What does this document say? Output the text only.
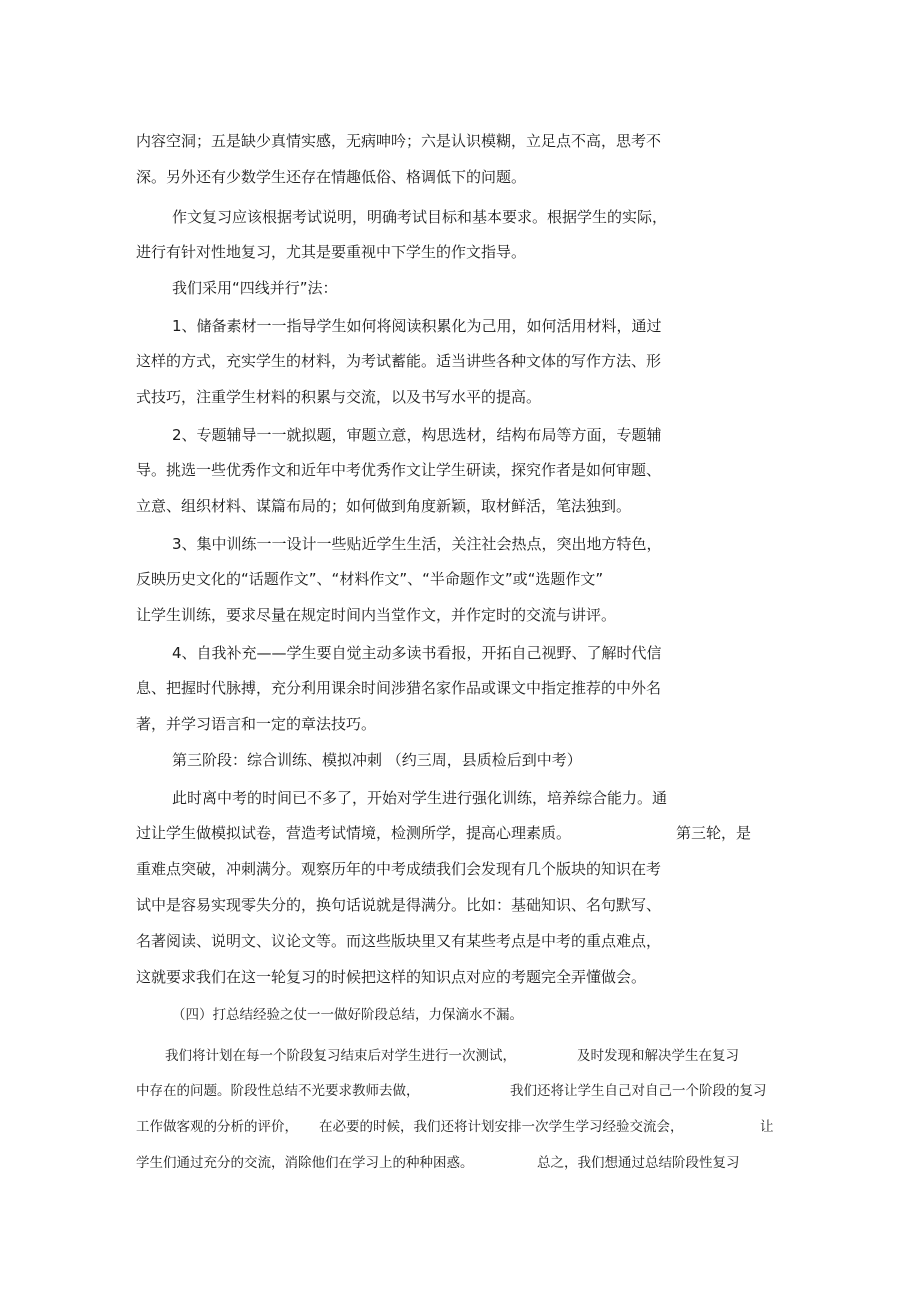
内容空洞；五是缺少真情实感，无病呻吟；六是认识模糊，立足点不高，思考不
深。另外还有少数学生还存在情趣低俗、格调低下的问题。
作文复习应该根据考试说明，明确考试目标和基本要求。根据学生的实际，
进行有针对性地复习，尤其是要重视中下学生的作文指导。
我们采用“四线并行”法：
1、储备素材一一指导学生如何将阅读积累化为己用，如何活用材料，通过
这样的方式，充实学生的材料，为考试蓄能。适当讲些各种文体的写作方法、形
式技巧，注重学生材料的积累与交流，以及书写水平的提高。
2、专题辅导一一就拟题，审题立意，构思选材，结构布局等方面，专题辅
导。挑选一些优秀作文和近年中考优秀作文让学生研读，探究作者是如何审题、
立意、组织材料、谋篇布局的；如何做到角度新颖，取材鲜活，笔法独到。
3、集中训练一一设计一些贴近学生生活，关注社会热点，突出地方特色，
反映历史文化的“话题作文”、“材料作文”、“半命题作文”或“选题作文”
让学生训练，要求尽量在规定时间内当堂作文，并作定时的交流与讲评。
4、自我补充——学生要自觉主动多读书看报，开拓自己视野、了解时代信
息、把握时代脉搏，充分利用课余时间涉猎名家作品或课文中指定推荐的中外名
著，并学习语言和一定的章法技巧。
第三阶段：综合训练、模拟冲刺 （约三周，县质检后到中考）
此时离中考的时间已不多了，开始对学生进行强化训练，培养综合能力。通
过让学生做模拟试卷，营造考试情境，检测所学，提高心理素质。	第三轮，是
重难点突破，冲刺满分。观察历年的中考成绩我们会发现有几个版块的知识在考
试中是容易实现零失分的，换句话说就是得满分。比如：基础知识、名句默写、
名著阅读、说明文、议论文等。而这些版块里又有某些考点是中考的重点难点，
这就要求我们在这一轮复习的时候把这样的知识点对应的考题完全弄懂做会。
（四）打总结经验之仗一一做好阶段总结，力保滴水不漏。
我们将计划在每一个阶段复习结束后对学生进行一次测试，	及时发现和解决学生在复习
中存在的问题。阶段性总结不光要求教师去做，	我们还将让学生自己对自己一个阶段的复习
工作做客观的分析的评价， 在必要的时候，我们还将计划安排一次学生学习经验交流会，	让
学生们通过充分的交流，消除他们在学习上的种种困惑。	总之，我们想通过总结阶段性复习
